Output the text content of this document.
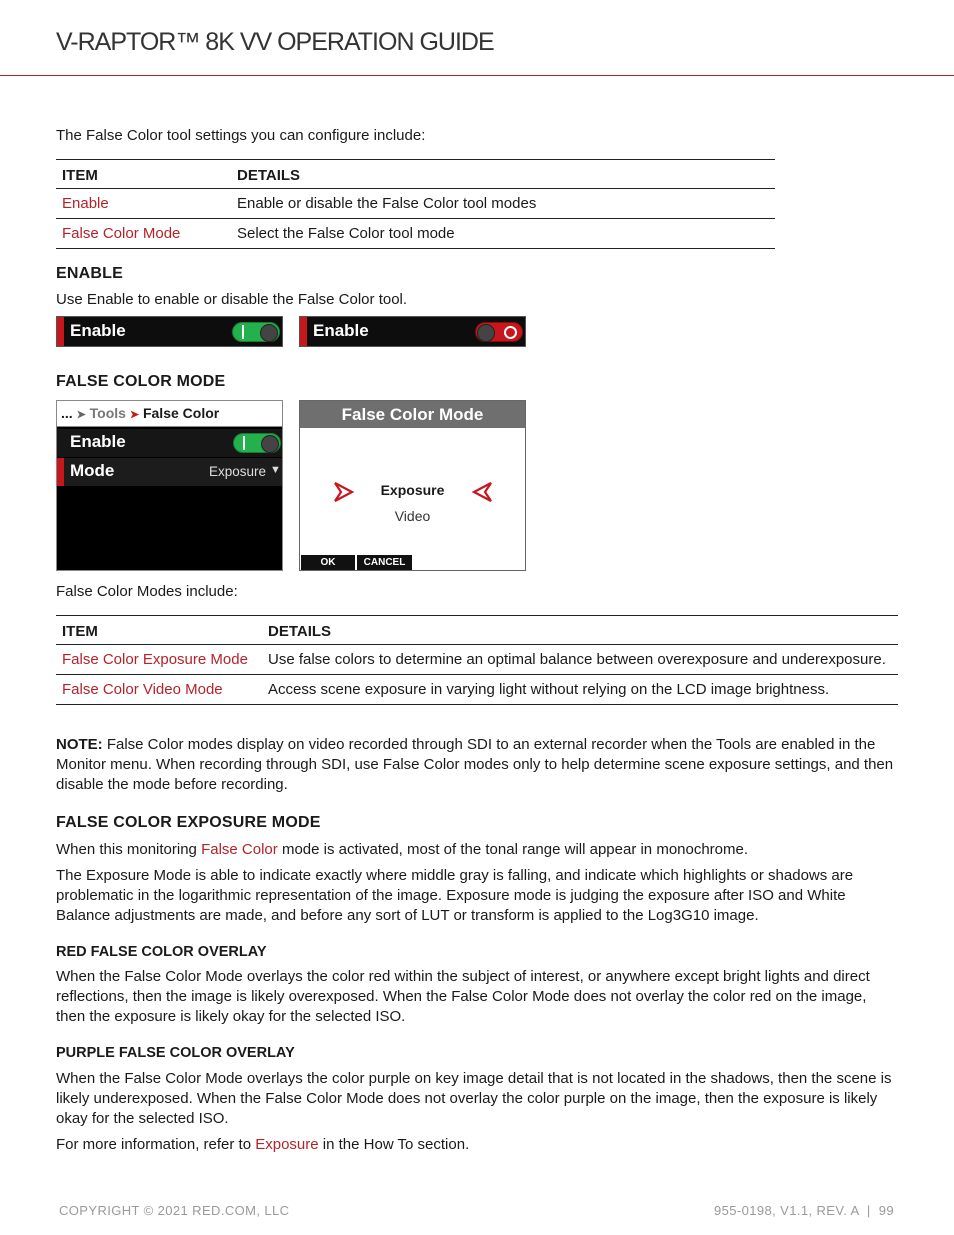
V-RAPTOR™ 8K VV OPERATION GUIDE
The False Color tool settings you can configure include:
ITEM	DETAILS
Enable	Enable or disable the False Color tool modes
False Color Mode	Select the False Color tool mode
ENABLE
Use Enable to enable or disable the False Color tool.
Enable	Enable
FALSE COLOR MODE
... ➤ Tools ➤ False Color
Enable
Mode	Exposure ▼
False Color Mode
Exposure
Video
OK	CANCEL
False Color Modes include:
ITEM	DETAILS
False Color Exposure Mode	Use false colors to determine an optimal balance between overexposure and underexposure.
False Color Video Mode	Access scene exposure in varying light without relying on the LCD image brightness.
NOTE: False Color modes display on video recorded through SDI to an external recorder when the Tools are enabled in the Monitor menu. When recording through SDI, use False Color modes only to help determine scene exposure settings, and then disable the mode before recording.
FALSE COLOR EXPOSURE MODE
When this monitoring False Color mode is activated, most of the tonal range will appear in monochrome.
The Exposure Mode is able to indicate exactly where middle gray is falling, and indicate which highlights or shadows are problematic in the logarithmic representation of the image. Exposure mode is judging the exposure after ISO and White Balance adjustments are made, and before any sort of LUT or transform is applied to the Log3G10 image.
RED FALSE COLOR OVERLAY
When the False Color Mode overlays the color red within the subject of interest, or anywhere except bright lights and direct reflections, then the image is likely overexposed. When the False Color Mode does not overlay the color red on the image, then the exposure is likely okay for the selected ISO.
PURPLE FALSE COLOR OVERLAY
When the False Color Mode overlays the color purple on key image detail that is not located in the shadows, then the scene is likely underexposed. When the False Color Mode does not overlay the color purple on the image, then the exposure is likely okay for the selected ISO.
For more information, refer to Exposure in the How To section.
COPYRIGHT © 2021 RED.COM, LLC	955-0198, V1.1, REV. A  |  99
